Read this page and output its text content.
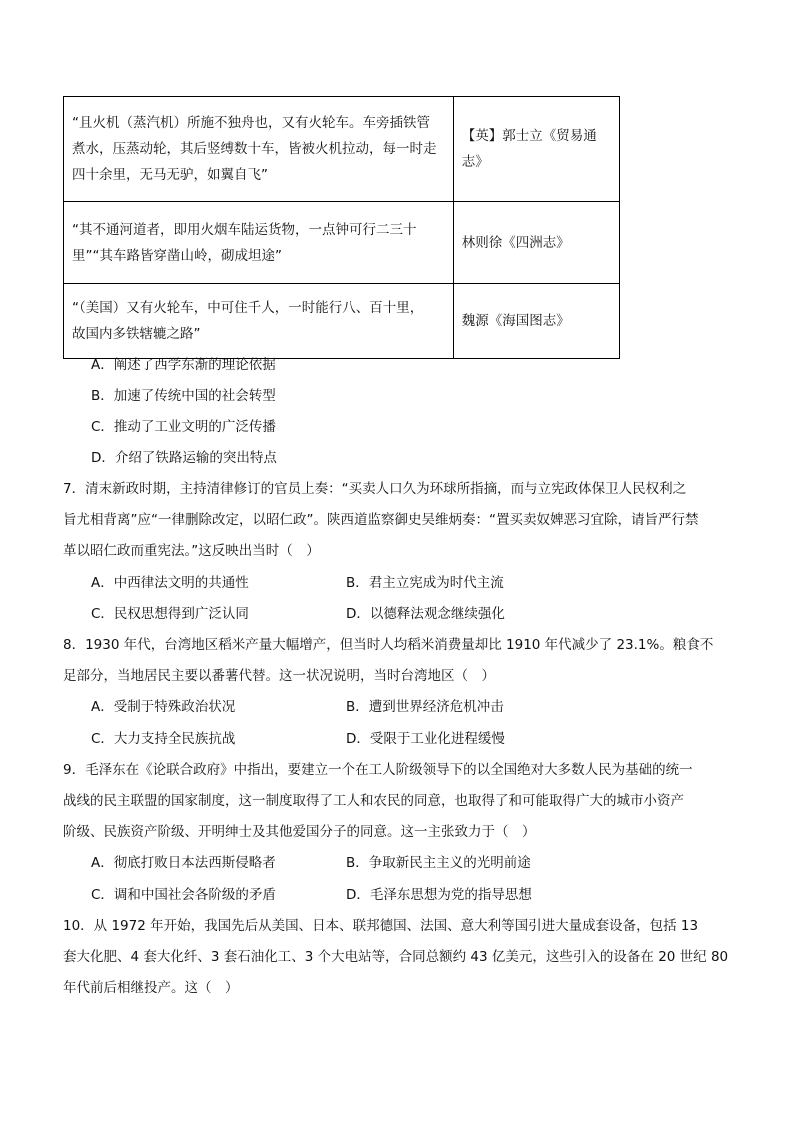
“且火机（蒸汽机）所施不独舟也，又有火轮车。车旁插铁管
煮水，压蒸动轮，其后竖缚数十车，皆被火机拉动，每一时走
四十余里，无马无驴，如翼自飞”	【英】郭士立《贸易通志》

“其不通河道者，即用火烟车陆运货物，一点钟可行二三十
里”“其车路皆穿凿山岭，砌成坦途”	林则徐《四洲志》

“（美国）又有火轮车，中可住千人，一时能行八、百十里，
故国内多铁辖辘之路”	魏源《海国图志》
A．阐述了西学东渐的理论依据
B．加速了传统中国的社会转型
C．推动了工业文明的广泛传播
D．介绍了铁路运输的突出特点
7．清末新政时期，主持清律修订的官员上奏：“买卖人口久为环球所指摘，而与立宪政体保卫人民权利之
旨尤相背离”应“一律删除改定，以昭仁政”。陕西道监察御史吴维炳奏：“置买卖奴婢恶习宜除，请旨严行禁
革以昭仁政而重宪法。”这反映出当时（　）
A．中西律法文明的共通性	B．君主立宪成为时代主流
C．民权思想得到广泛认同	D．以德释法观念继续强化
8．1930 年代，台湾地区稻米产量大幅增产，但当时人均稻米消费量却比 1910 年代减少了 23.1%。粮食不
足部分，当地居民主要以番薯代替。这一状况说明，当时台湾地区（　）
A．受制于特殊政治状况	B．遭到世界经济危机冲击
C．大力支持全民族抗战	D．受限于工业化进程缓慢
9．毛泽东在《论联合政府》中指出，要建立一个在工人阶级领导下的以全国绝对大多数人民为基础的统一
战线的民主联盟的国家制度，这一制度取得了工人和农民的同意，也取得了和可能取得广大的城市小资产
阶级、民族资产阶级、开明绅士及其他爱国分子的同意。这一主张致力于（　）
A．彻底打败日本法西斯侵略者	B．争取新民主主义的光明前途
C．调和中国社会各阶级的矛盾	D．毛泽东思想为党的指导思想
10．从 1972 年开始，我国先后从美国、日本、联邦德国、法国、意大利等国引进大量成套设备，包括 13
套大化肥、4 套大化纤、3 套石油化工、3 个大电站等，合同总额约 43 亿美元，这些引入的设备在 20 世纪 80
年代前后相继投产。这（　）
